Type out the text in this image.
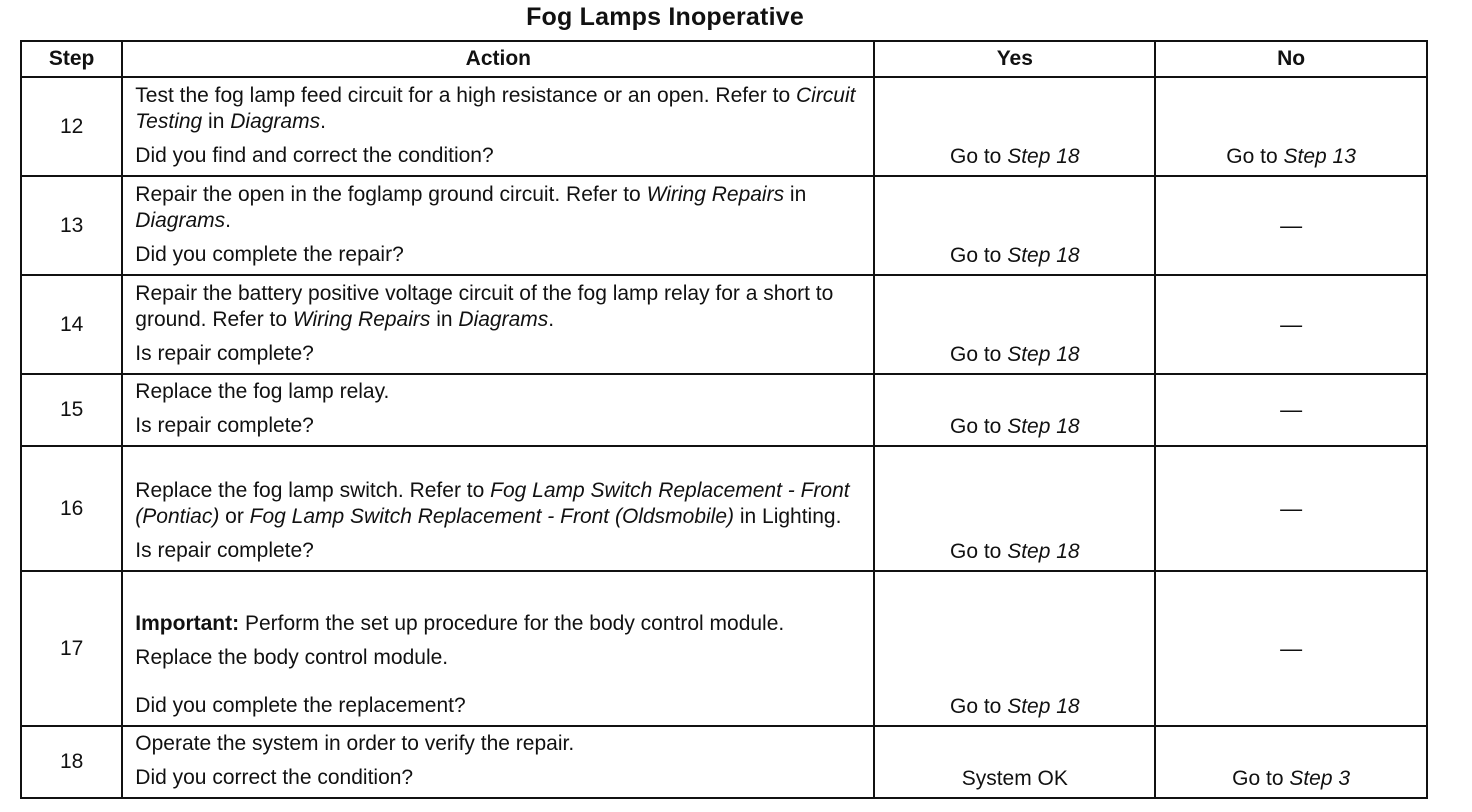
Fog Lamps Inoperative
Step	Action	Yes	No
12	Test the fog lamp feed circuit for a high resistance or an open. Refer to Circuit Testing in Diagrams.
Did you find and correct the condition?	Go to Step 18	Go to Step 13
13	Repair the open in the foglamp ground circuit. Refer to Wiring Repairs in Diagrams.
Did you complete the repair?	Go to Step 18	—
14	Repair the battery positive voltage circuit of the fog lamp relay for a short to ground. Refer to Wiring Repairs in Diagrams.
Is repair complete?	Go to Step 18	—
15	Replace the fog lamp relay.
Is repair complete?	Go to Step 18	—
16	Replace the fog lamp switch. Refer to Fog Lamp Switch Replacement - Front (Pontiac) or Fog Lamp Switch Replacement - Front (Oldsmobile) in Lighting.
Is repair complete?	Go to Step 18	—
17	Important: Perform the set up procedure for the body control module.
Replace the body control module.
Did you complete the replacement?	Go to Step 18	—
18	Operate the system in order to verify the repair.
Did you correct the condition?	System OK	Go to Step 3
